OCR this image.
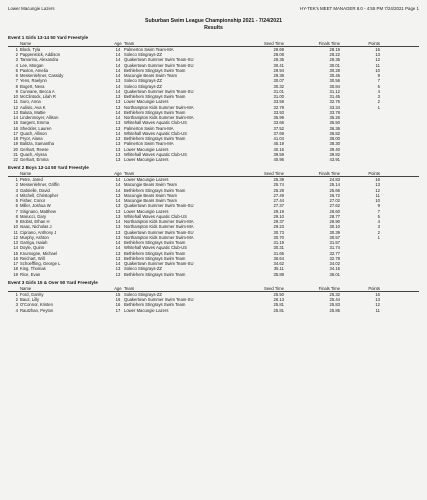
Lower Macungie Lazers	HY-TEK's MEET MANAGER 8.0 - 4:55 PM 7/24/2021 Page 1
Suburban Swim League Championship 2021 - 7/24/2021
Results
Event 1 Girls 13-14 50 Yard Freestyle
Name	Age Team	Seed Time	Finals Time	Points
1 Block, Tyla	14 Palmerton Swim Team-MA	29.69	28.19	16
2 Pappenstick, Addison	14 Soleco Stingrays-ZZ	28.08	28.22	13
3 Tamorino, Alexandra	14 Quakertown Summer Swim Team-SU	28.35	28.35	12
4 Lee, Morgan	14 Quakertown Summer Swim Team-SU	30.41	30.01	11
5 Paxton, Amelia	14 Bethlehem Stingrays Swim Team	29.94	30.28	10
6 Messenlehner, Cassidy	14 Macungie Bears Swim Team	29.38	30.45	9
7 Yens, Raelynn	13 Soleco Stingrays-ZZ	30.07	30.56	7
8 Bogert, Neva	14 Soleco Stingrays-ZZ	30.32	30.84	5
9 Cunnane, Becca A	14 Quakertown Summer Swim Team-SU	31.01	31.12	4
10 McClintock, Lilah R	13 Bethlehem Stingrays Swim Team	31.00	31.45	3
11 Suro, Anna	13 Lower Macungie Lazers	33.59	32.76	2
12 Aulisio, Ava K	13 Northampton Kids Summer Swim-MA	32.79	33.34	1
13 Baluta, Mattie	14 Bethlehem Stingrays Swim Team	33.93	33.78
14 Lindenmoyer, Allison	14 Northampton Kids Summer Swim-MA	35.99	35.26
15 Sargent, Emma	13 Whitehall Waves Aquatic Club-US	33.66	35.50
16 Sheckler, Lauren	13 Palmerton Swim Team-MA	37.52	36.36
17 Quach, Allison	14 Whitehall Waves Aquatic Club-US	37.69	36.82
18 Pryor, Alana	13 Bethlehem Stingrays Swim Team	41.04	38.00
19 Balitza, Samantha	13 Palmerton Swim Team-MA	45.19	38.30
20 Gerhart, Reese	13 Lower Macungie Lazers	40.16	39.40
21 Quach, Alyssa	13 Whitehall Waves Aquatic Club-US	39.59	39.82
22 Gerhart, Emma	13 Lower Macungie Lazers	40.96	43.91
Event 2 Boys 13-14 50 Yard Freestyle
Name	Age Team	Seed Time	Finals Time	Points
1 Petre, Jared	14 Lower Macungie Lazers	25.39	24.83	16
2 Messenlehner, Griffin	14 Macungie Bears Swim Team	25.74	25.14	13
3 Gabrielle, David	14 Bethlehem Stingrays Swim Team	25.28	25.66	12
4 Mitchell, Christopher	13 Macungie Bears Swim Team	27.49	26.72	11
5 Fisher, Conor	14 Macungie Bears Swim Team	27.44	27.02	10
6 Miller, Joshua W	13 Quakertown Summer Swim Team-SU	27.37	27.62	9
7 Sirignano, Matthew	13 Lower Macungie Lazers	29.19	28.60	7
8 Marucci, Gary	13 Whitehall Waves Aquatic Club-US	29.10	28.77	5
9 Brobst, Ethan H	14 Northampton Kids Summer Swim-MA	29.37	28.90	4
10 Isaac, Nicholas J	13 Northampton Kids Summer Swim-MA	29.23	30.10	3
11 Cipriano, Anthony J	13 Quakertown Summer Swim Team-SU	30.73	30.39	2
12 Murphy, Ashton	13 Northampton Kids Summer Swim-MA	30.70	30.57	1
13 Garriga, Isaiah	14 Bethlehem Stingrays Swim Team	31.19	31.57
14 Doyle, Quinn	14 Whitehall Waves Aquatic Club-US	30.31	31.74
15 Knumogne, Michael	13 Bethlehem Stingrays Swim Team	31.65	32.77
16 Reichart, Will	13 Bethlehem Stingrays Swim Team	36.64	32.78
17 Schoeffling, George L	14 Quakertown Summer Swim Team-SU	34.62	34.02
18 King, Thomas	13 Soleco Stingrays-ZZ	35.11	34.15
19 Rice, Evan	13 Bethlehem Stingrays Swim Team	35.88	36.01
Event 3 Girls 15 & Over 50 Yard Freestyle
Name	Age Team	Seed Time	Finals Time	Points
1 Ford, Garrity	15 Soleco Stingrays-ZZ	25.50	25.32	16
2 Bauz, Lilly	16 Quakertown Summer Swim Team-SU	26.13	25.44	13
3 O'Connor, Kristen	16 Bethlehem Stingrays Swim Team	25.81	25.83	12
4 Rautzhan, Peyton	17 Lower Macungie Lazers	25.81	25.85	11
